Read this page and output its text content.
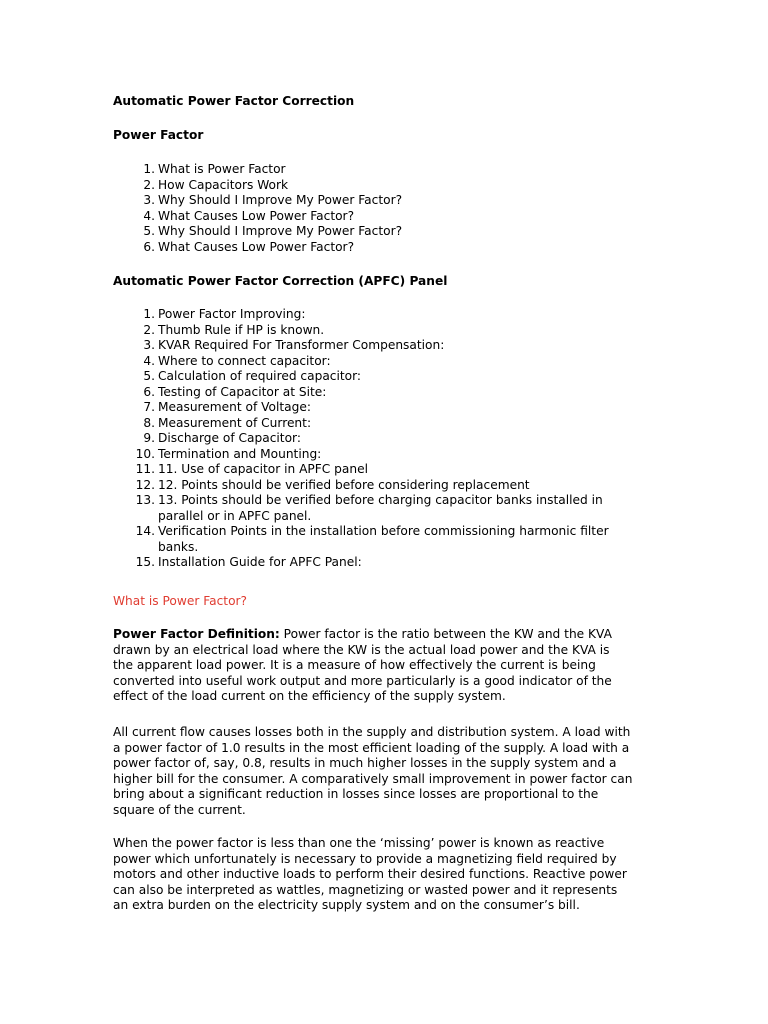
Automatic Power Factor Correction
Power Factor
1. What is Power Factor
2. How Capacitors Work
3. Why Should I Improve My Power Factor?
4. What Causes Low Power Factor?
5. Why Should I Improve My Power Factor?
6. What Causes Low Power Factor?
Automatic Power Factor Correction (APFC) Panel
1. Power Factor Improving:
2. Thumb Rule if HP is known.
3. KVAR Required For Transformer Compensation:
4. Where to connect capacitor:
5. Calculation of required capacitor:
6. Testing of Capacitor at Site:
7. Measurement of Voltage:
8. Measurement of Current:
9. Discharge of Capacitor:
10. Termination and Mounting:
11. 11. Use of capacitor in APFC panel
12. 12. Points should be verified before considering replacement
13. 13. Points should be verified before charging capacitor banks installed in parallel or in APFC panel.
14. Verification Points in the installation before commissioning harmonic filter banks.
15. Installation Guide for APFC Panel:
What is Power Factor?

Power Factor Definition: Power factor is the ratio between the KW and the KVA drawn by an electrical load where the KW is the actual load power and the KVA is the apparent load power. It is a measure of how effectively the current is being converted into useful work output and more particularly is a good indicator of the effect of the load current on the efficiency of the supply system.

All current flow causes losses both in the supply and distribution system. A load with a power factor of 1.0 results in the most efficient loading of the supply. A load with a power factor of, say, 0.8, results in much higher losses in the supply system and a higher bill for the consumer. A comparatively small improvement in power factor can bring about a significant reduction in losses since losses are proportional to the square of the current.

When the power factor is less than one the ‘missing’ power is known as reactive power which unfortunately is necessary to provide a magnetizing field required by motors and other inductive loads to perform their desired functions. Reactive power can also be interpreted as wattles, magnetizing or wasted power and it represents an extra burden on the electricity supply system and on the consumer’s bill.
